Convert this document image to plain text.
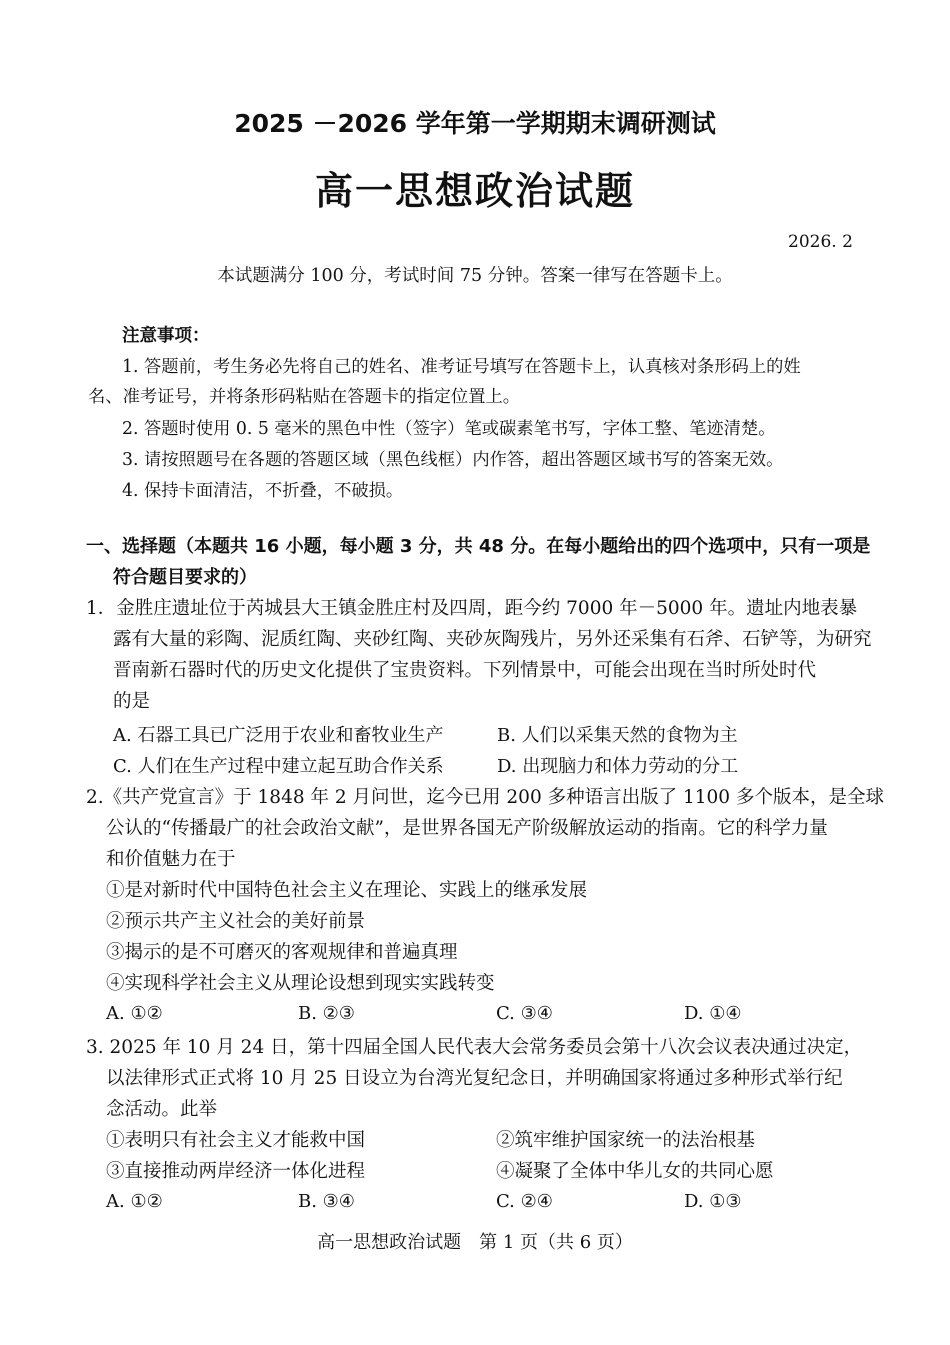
2025 －2026 学年第一学期期末调研测试
高一思想政治试题
2026. 2
本试题满分 100 分，考试时间 75 分钟。答案一律写在答题卡上。
注意事项：
1. 答题前，考生务必先将自己的姓名、准考证号填写在答题卡上，认真核对条形码上的姓
名、准考证号，并将条形码粘贴在答题卡的指定位置上。
2. 答题时使用 0. 5 毫米的黑色中性（签字）笔或碳素笔书写，字体工整、笔迹清楚。
3. 请按照题号在各题的答题区域（黑色线框）内作答，超出答题区域书写的答案无效。
4. 保持卡面清洁，不折叠，不破损。
一、选择题（本题共 16 小题，每小题 3 分，共 48 分。在每小题给出的四个选项中，只有一项是
符合题目要求的）
1．金胜庄遗址位于芮城县大王镇金胜庄村及四周，距今约 7000 年－5000 年。遗址内地表暴
露有大量的彩陶、泥质红陶、夹砂红陶、夹砂灰陶残片，另外还采集有石斧、石铲等，为研究
晋南新石器时代的历史文化提供了宝贵资料。下列情景中，可能会出现在当时所处时代
的是
A. 石器工具已广泛用于农业和畜牧业生产	B. 人们以采集天然的食物为主
C. 人们在生产过程中建立起互助合作关系	D. 出现脑力和体力劳动的分工
2.《共产党宣言》于 1848 年 2 月问世，迄今已用 200 多种语言出版了 1100 多个版本，是全球
公认的“传播最广的社会政治文献”，是世界各国无产阶级解放运动的指南。它的科学力量
和价值魅力在于
①是对新时代中国特色社会主义在理论、实践上的继承发展
②预示共产主义社会的美好前景
③揭示的是不可磨灭的客观规律和普遍真理
④实现科学社会主义从理论设想到现实实践转变
A. ①②	B. ②③	C. ③④	D. ①④
3. 2025 年 10 月 24 日，第十四届全国人民代表大会常务委员会第十八次会议表决通过决定，
以法律形式正式将 10 月 25 日设立为台湾光复纪念日，并明确国家将通过多种形式举行纪
念活动。此举
①表明只有社会主义才能救中国	②筑牢维护国家统一的法治根基
③直接推动两岸经济一体化进程	④凝聚了全体中华儿女的共同心愿
A. ①②	B. ③④	C. ②④	D. ①③
高一思想政治试题　第 1 页（共 6 页）
